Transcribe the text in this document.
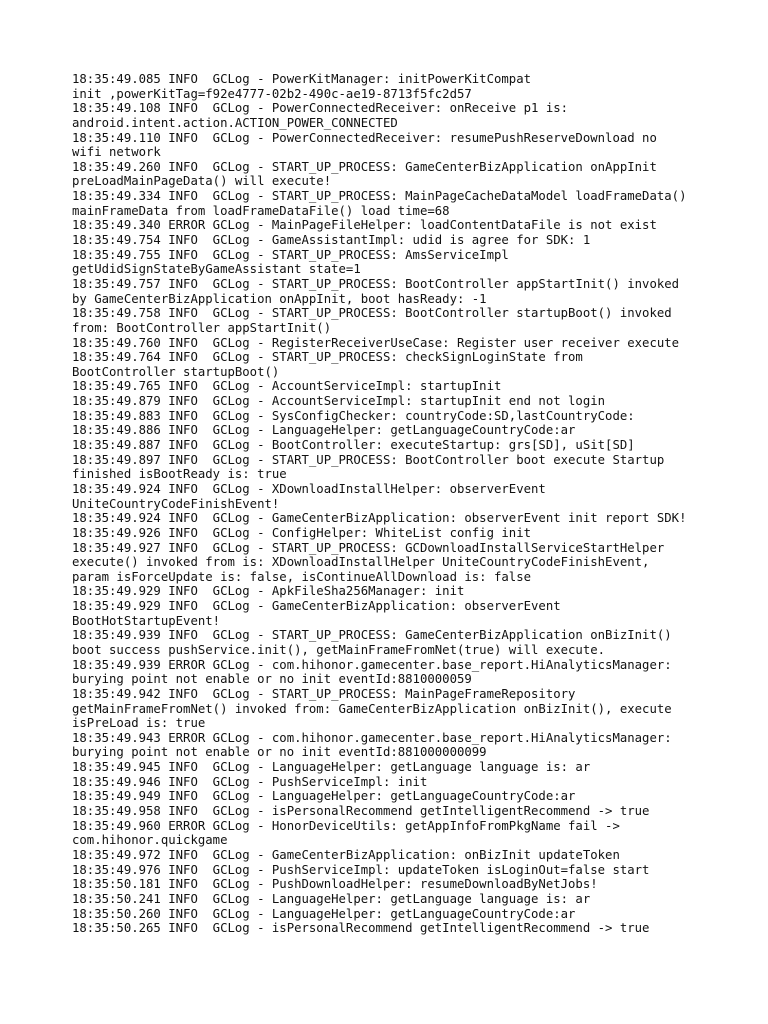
18:35:49.085 INFO  GCLog - PowerKitManager: initPowerKitCompat
init ,powerKitTag=f92e4777-02b2-490c-ae19-8713f5fc2d57
18:35:49.108 INFO  GCLog - PowerConnectedReceiver: onReceive p1 is:
android.intent.action.ACTION_POWER_CONNECTED
18:35:49.110 INFO  GCLog - PowerConnectedReceiver: resumePushReserveDownload no
wifi network
18:35:49.260 INFO  GCLog - START_UP_PROCESS: GameCenterBizApplication onAppInit
preLoadMainPageData() will execute!
18:35:49.334 INFO  GCLog - START_UP_PROCESS: MainPageCacheDataModel loadFrameData()
mainFrameData from loadFrameDataFile() load time=68
18:35:49.340 ERROR GCLog - MainPageFileHelper: loadContentDataFile is not exist
18:35:49.754 INFO  GCLog - GameAssistantImpl: udid is agree for SDK: 1
18:35:49.755 INFO  GCLog - START_UP_PROCESS: AmsServiceImpl
getUdidSignStateByGameAssistant state=1
18:35:49.757 INFO  GCLog - START_UP_PROCESS: BootController appStartInit() invoked
by GameCenterBizApplication onAppInit, boot hasReady: -1
18:35:49.758 INFO  GCLog - START_UP_PROCESS: BootController startupBoot() invoked
from: BootController appStartInit()
18:35:49.760 INFO  GCLog - RegisterReceiverUseCase: Register user receiver execute
18:35:49.764 INFO  GCLog - START_UP_PROCESS: checkSignLoginState from
BootController startupBoot()
18:35:49.765 INFO  GCLog - AccountServiceImpl: startupInit
18:35:49.879 INFO  GCLog - AccountServiceImpl: startupInit end not login
18:35:49.883 INFO  GCLog - SysConfigChecker: countryCode:SD,lastCountryCode:
18:35:49.886 INFO  GCLog - LanguageHelper: getLanguageCountryCode:ar
18:35:49.887 INFO  GCLog - BootController: executeStartup: grs[SD], uSit[SD]
18:35:49.897 INFO  GCLog - START_UP_PROCESS: BootController boot execute Startup
finished isBootReady is: true
18:35:49.924 INFO  GCLog - XDownloadInstallHelper: observerEvent
UniteCountryCodeFinishEvent!
18:35:49.924 INFO  GCLog - GameCenterBizApplication: observerEvent init report SDK!
18:35:49.926 INFO  GCLog - ConfigHelper: WhiteList config init
18:35:49.927 INFO  GCLog - START_UP_PROCESS: GCDownloadInstallServiceStartHelper
execute() invoked from is: XDownloadInstallHelper UniteCountryCodeFinishEvent,
param isForceUpdate is: false, isContinueAllDownload is: false
18:35:49.929 INFO  GCLog - ApkFileSha256Manager: init
18:35:49.929 INFO  GCLog - GameCenterBizApplication: observerEvent
BootHotStartupEvent!
18:35:49.939 INFO  GCLog - START_UP_PROCESS: GameCenterBizApplication onBizInit()
boot success pushService.init(), getMainFrameFromNet(true) will execute.
18:35:49.939 ERROR GCLog - com.hihonor.gamecenter.base_report.HiAnalyticsManager:
burying point not enable or no init eventId:8810000059
18:35:49.942 INFO  GCLog - START_UP_PROCESS: MainPageFrameRepository
getMainFrameFromNet() invoked from: GameCenterBizApplication onBizInit(), execute
isPreLoad is: true
18:35:49.943 ERROR GCLog - com.hihonor.gamecenter.base_report.HiAnalyticsManager:
burying point not enable or no init eventId:881000000099
18:35:49.945 INFO  GCLog - LanguageHelper: getLanguage language is: ar
18:35:49.946 INFO  GCLog - PushServiceImpl: init
18:35:49.949 INFO  GCLog - LanguageHelper: getLanguageCountryCode:ar
18:35:49.958 INFO  GCLog - isPersonalRecommend getIntelligentRecommend -> true
18:35:49.960 ERROR GCLog - HonorDeviceUtils: getAppInfoFromPkgName fail ->
com.hihonor.quickgame
18:35:49.972 INFO  GCLog - GameCenterBizApplication: onBizInit updateToken
18:35:49.976 INFO  GCLog - PushServiceImpl: updateToken isLoginOut=false start
18:35:50.181 INFO  GCLog - PushDownloadHelper: resumeDownloadByNetJobs!
18:35:50.241 INFO  GCLog - LanguageHelper: getLanguage language is: ar
18:35:50.260 INFO  GCLog - LanguageHelper: getLanguageCountryCode:ar
18:35:50.265 INFO  GCLog - isPersonalRecommend getIntelligentRecommend -> true
